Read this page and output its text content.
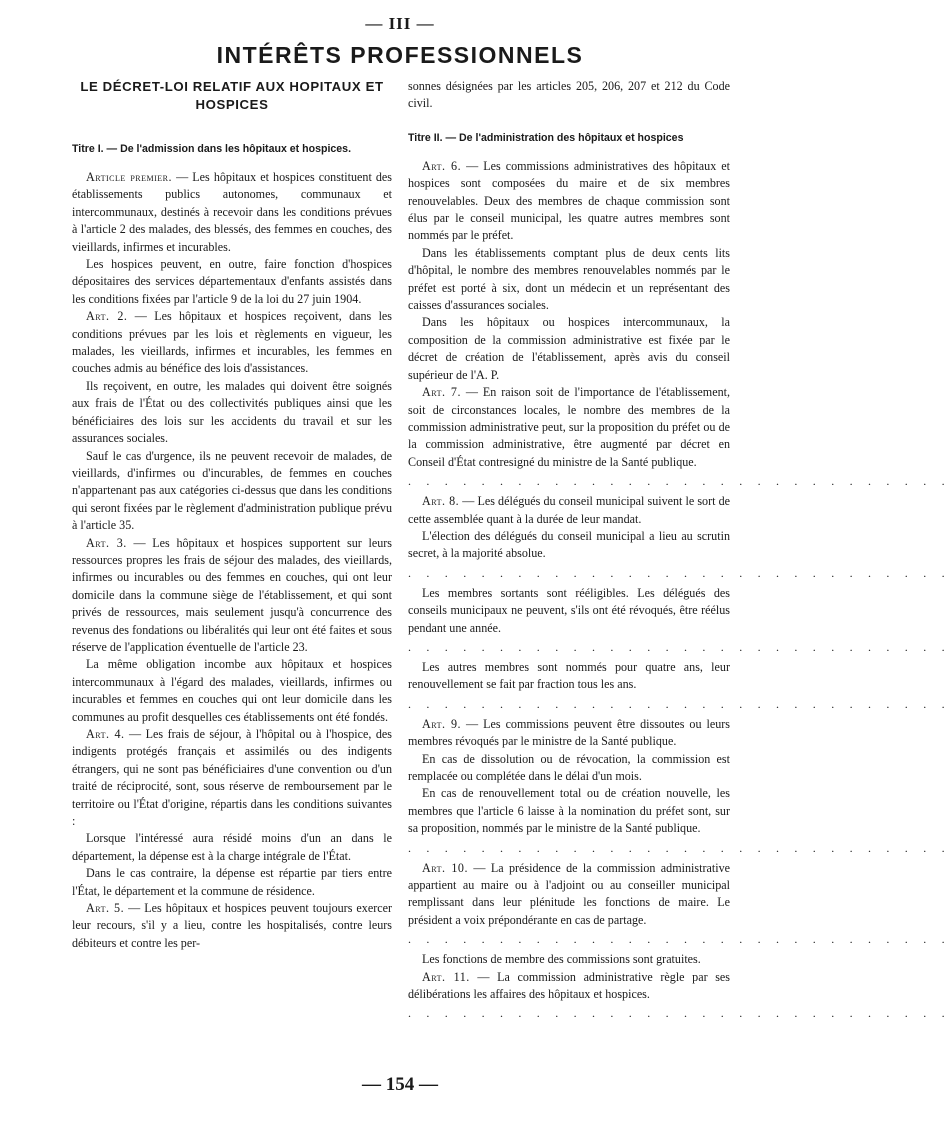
— III —
INTÉRÊTS PROFESSIONNELS
LE DÉCRET-LOI RELATIF AUX HOPITAUX ET HOSPICES
Titre I. — De l'admission dans les hôpitaux et hospices.

Article premier. — Les hôpitaux et hospices constituent des établissements publics autonomes, communaux et intercommunaux, destinés à recevoir dans les conditions prévues à l'article 2 des malades, des blessés, des femmes en couches, des vieillards, infirmes et incurables.

Les hospices peuvent, en outre, faire fonction d'hospices dépositaires des services départementaux d'enfants assistés dans les conditions fixées par l'article 9 de la loi du 27 juin 1904.

Art. 2. — Les hôpitaux et hospices reçoivent, dans les conditions prévues par les lois et règlements en vigueur, les malades, les vieillards, infirmes et incurables, les femmes en couches admis au bénéfice des lois d'assistances.

Ils reçoivent, en outre, les malades qui doivent être soignés aux frais de l'État ou des collectivités publiques ainsi que les bénéficiaires des lois sur les accidents du travail et sur les assurances sociales.

Sauf le cas d'urgence, ils ne peuvent recevoir de malades, de vieillards, d'infirmes ou d'incurables, de femmes en couches n'appartenant pas aux catégories ci-dessus que dans les conditions qui seront fixées par le règlement d'administration publique prévu à l'article 35.

Art. 3. — Les hôpitaux et hospices supportent sur leurs ressources propres les frais de séjour des malades, des vieillards, infirmes ou incurables ou des femmes en couches, qui ont leur domicile dans la commune siège de l'établissement, et qui sont privés de ressources, mais seulement jusqu'à concurrence des revenus des fondations ou libéralités qui leur ont été faites et sous réserve de l'application éventuelle de l'article 23.

La même obligation incombe aux hôpitaux et hospices intercommunaux à l'égard des malades, vieillards, infirmes ou incurables et femmes en couches qui ont leur domicile dans les communes au profit desquelles ces établissements ont été fondés.

Art. 4. — Les frais de séjour, à l'hôpital ou à l'hospice, des indigents protégés français et assimilés ou des indigents étrangers, qui ne sont pas bénéficiaires d'une convention ou d'un traité de réciprocité, sont, sous réserve de remboursement par le territoire ou l'État d'origine, répartis dans les conditions suivantes :

Lorsque l'intéressé aura résidé moins d'un an dans le département, la dépense est à la charge intégrale de l'État.

Dans le cas contraire, la dépense est répartie par tiers entre l'État, le département et la commune de résidence.

Art. 5. — Les hôpitaux et hospices peuvent toujours exercer leur recours, s'il y a lieu, contre les hospitalisés, contre leurs débiteurs et contre les per-

sonnes désignées par les articles 205, 206, 207 et 212 du Code civil.

Titre II. — De l'administration des hôpitaux et hospices

Art. 6. — Les commissions administratives des hôpitaux et hospices sont composées du maire et de six membres renouvelables. Deux des membres de chaque commission sont élus par le conseil municipal, les quatre autres membres sont nommés par le préfet.

Dans les établissements comptant plus de deux cents lits d'hôpital, le nombre des membres renouvelables nommés par le préfet est porté à six, dont un médecin et un représentant des caisses d'assurances sociales.

Dans les hôpitaux ou hospices intercommunaux, la composition de la commission administrative est fixée par le décret de création de l'établissement, après avis du conseil supérieur de l'A. P.

Art. 7. — En raison soit de l'importance de l'établissement, soit de circonstances locales, le nombre des membres de la commission administrative peut, sur la proposition du préfet ou de la commission administrative, être augmenté par décret en Conseil d'État contresigné du ministre de la Santé publique.

. . . . . . . . . . . . . . . . . . . . . . . . . . . . . .

Art. 8. — Les délégués du conseil municipal suivent le sort de cette assemblée quant à la durée de leur mandat.

L'élection des délégués du conseil municipal a lieu au scrutin secret, à la majorité absolue.

. . . . . . . . . . . . . . . . . . . . . . . . . . . . . .

Les membres sortants sont rééligibles. Les délégués des conseils municipaux ne peuvent, s'ils ont été révoqués, être réélus pendant une année.

. . . . . . . . . . . . . . . . . . . . . . . . . . . . . .

Les autres membres sont nommés pour quatre ans, leur renouvellement se fait par fraction tous les ans.

. . . . . . . . . . . . . . . . . . . . . . . . . . . . . .

Art. 9. — Les commissions peuvent être dissoutes ou leurs membres révoqués par le ministre de la Santé publique.

En cas de dissolution ou de révocation, la commission est remplacée ou complétée dans le délai d'un mois.

En cas de renouvellement total ou de création nouvelle, les membres que l'article 6 laisse à la nomination du préfet sont, sur sa proposition, nommés par le ministre de la Santé publique.

. . . . . . . . . . . . . . . . . . . . . . . . . . . . . .

Art. 10. — La présidence de la commission administrative appartient au maire ou à l'adjoint ou au conseiller municipal remplissant dans leur plénitude les fonctions de maire. Le président a voix prépondérante en cas de partage.

. . . . . . . . . . . . . . . . . . . . . . . . . . . . . .

Les fonctions de membre des commissions sont gratuites.

Art. 11. — La commission administrative règle par ses délibérations les affaires des hôpitaux et hospices.

. . . . . . . . . . . . . . . . . . . . . . . . . . . . . .
— 154 —
